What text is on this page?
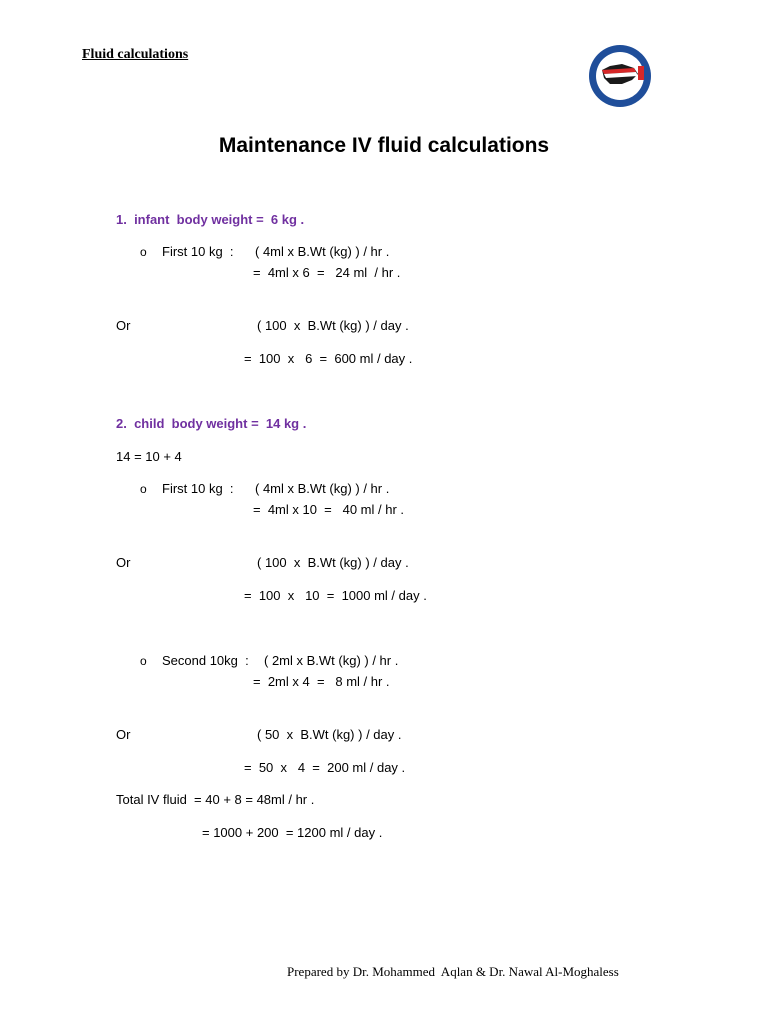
Fluid calculations
Maintenance IV fluid calculations
1.  infant  body weight =  6 kg .
o First 10 kg  : ( 4ml x B.Wt (kg) ) / hr .
=  4ml x 6  =   24 ml  / hr .
Or	( 100  x  B.Wt (kg) ) / day .
=  100  x   6  =  600 ml / day .
2.  child  body weight =  14 kg .
14 = 10 + 4
o First 10 kg  : ( 4ml x B.Wt (kg) ) / hr .
=  4ml x 10  =   40 ml / hr .
Or	( 100  x  B.Wt (kg) ) / day .
=  100  x   10  =  1000 ml / day .
o Second 10kg  : ( 2ml x B.Wt (kg) ) / hr .
=  2ml x 4  =   8 ml / hr .
Or	( 50  x  B.Wt (kg) ) / day .
=  50  x   4  =  200 ml / day .
Total IV fluid  = 40 + 8 = 48ml / hr .
= 1000 + 200  = 1200 ml / day .
Prepared by Dr. Mohammed  Aqlan & Dr. Nawal Al-Moghaless
